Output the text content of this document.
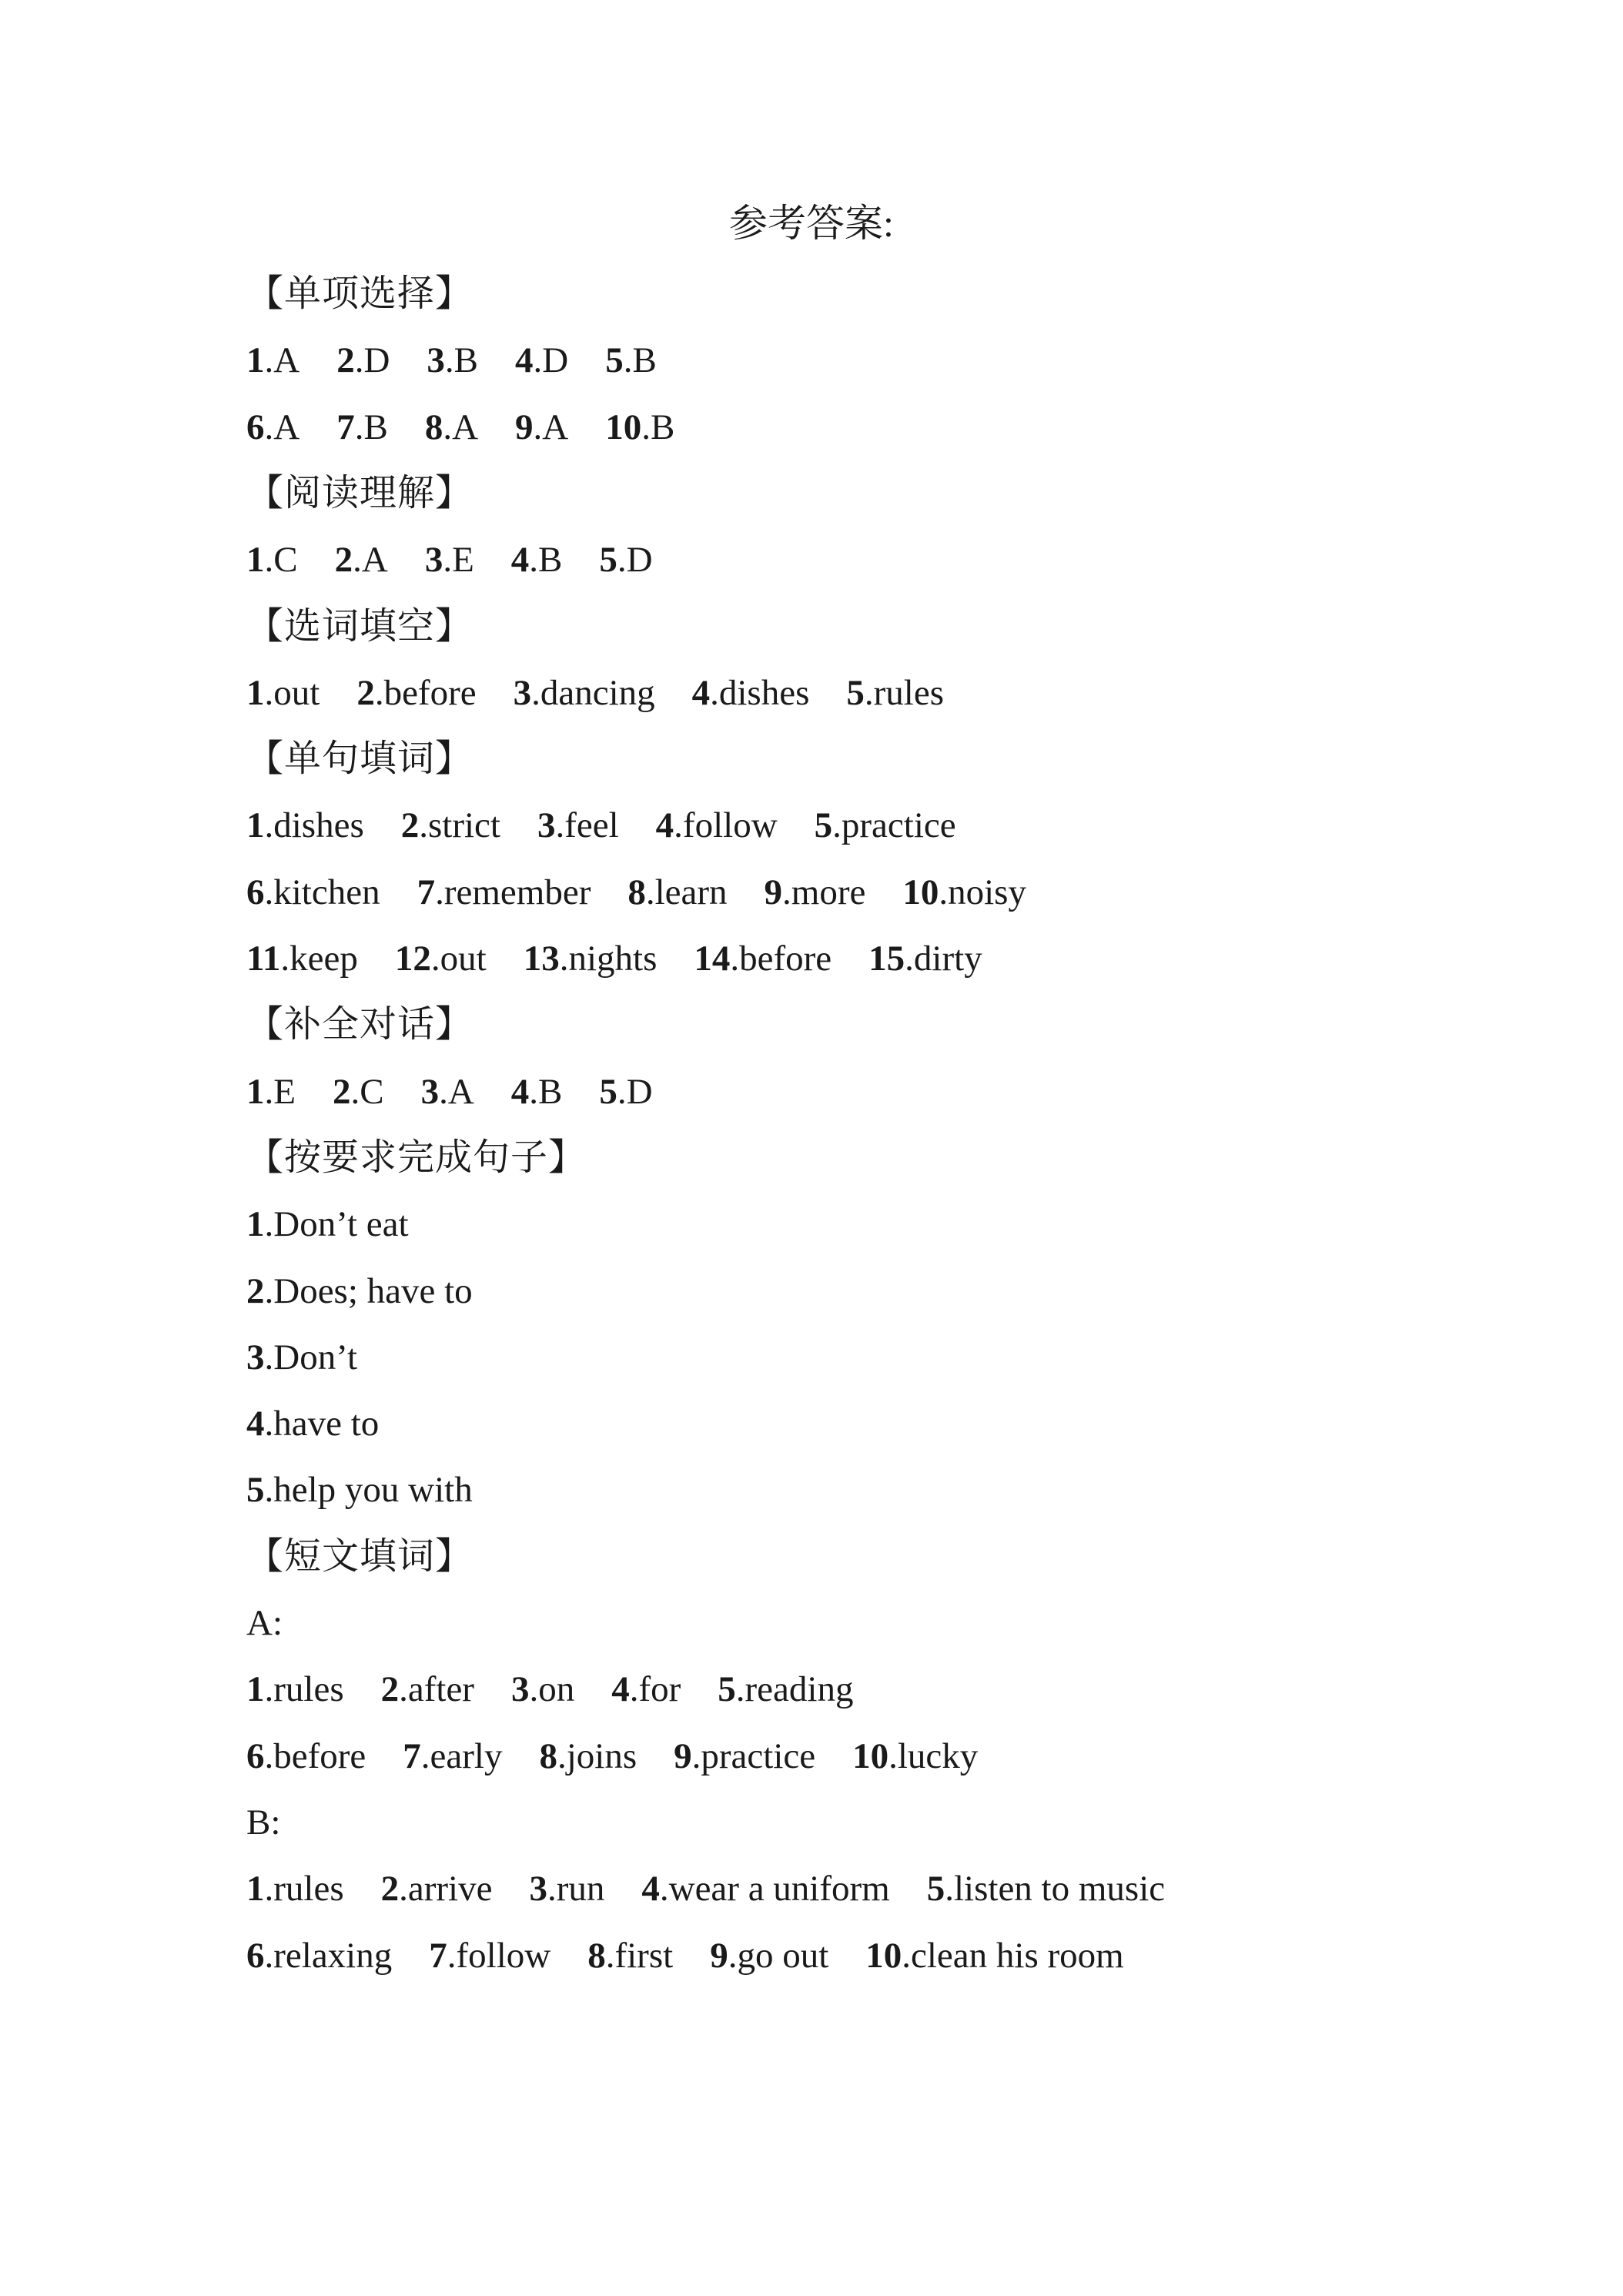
参考答案:
【单项选择】
1.A 2.D 3.B 4.D 5.B
6.A 7.B 8.A 9.A 10.B
【阅读理解】
1.C 2.A 3.E 4.B 5.D
【选词填空】
1.out 2.before 3.dancing 4.dishes 5.rules
【单句填词】
1.dishes 2.strict 3.feel 4.follow 5.practice
6.kitchen 7.remember 8.learn 9.more 10.noisy
11.keep 12.out 13.nights 14.before 15.dirty
【补全对话】
1.E 2.C 3.A 4.B 5.D
【按要求完成句子】
1.Don’t eat
2.Does; have to
3.Don’t
4.have to
5.help you with
【短文填词】
A:
1.rules 2.after 3.on 4.for 5.reading
6.before 7.early 8.joins 9.practice 10.lucky
B:
1.rules 2.arrive 3.run 4.wear a uniform 5.listen to music
6.relaxing 7.follow 8.first 9.go out 10.clean his room
